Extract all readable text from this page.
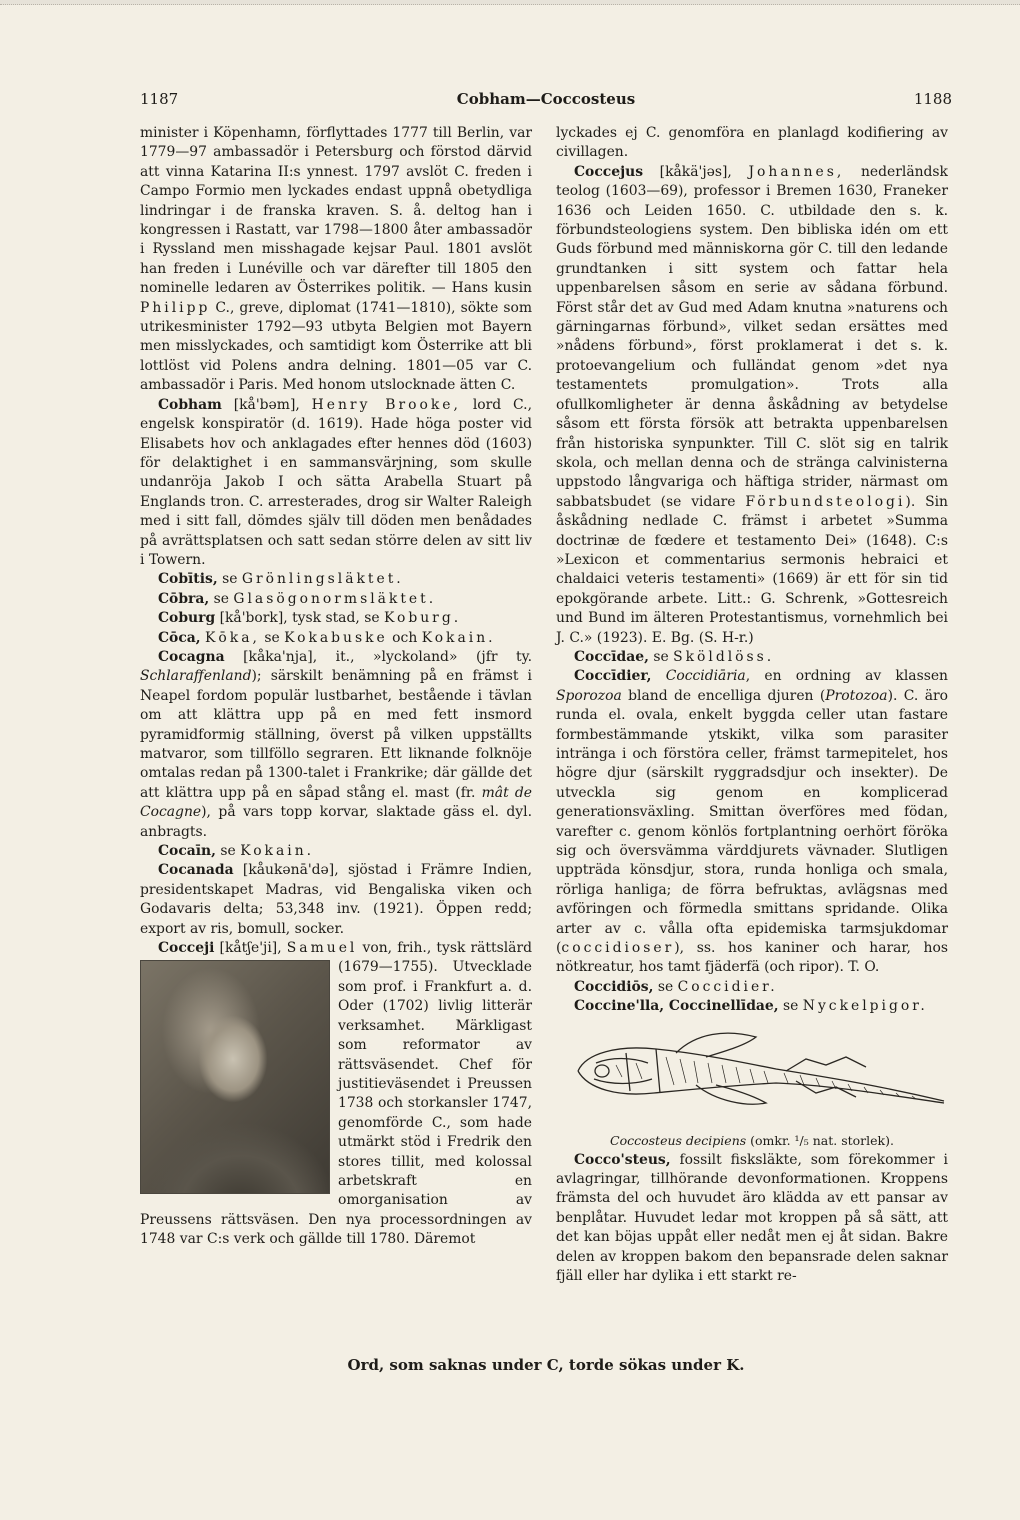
1187	Cobham—Coccosteus	1188

minister i Köpenhamn, förflyttades 1777 till Berlin, var 1779—97 ambassadör i Petersburg och förstod därvid att vinna Katarina II:s ynnest. 1797 avslöt C. freden i Campo Formio men lyckades endast uppnå obetydliga lindringar i de franska kraven. S. å. deltog han i kongressen i Rastatt, var 1798—1800 åter ambassadör i Ryssland men misshagade kejsar Paul. 1801 avslöt han freden i Lunéville och var därefter till 1805 den nominelle ledaren av Österrikes politik. — Hans kusin Philipp C., greve, diplomat (1741—1810), sökte som utrikesminister 1792—93 utbyta Belgien mot Bayern men misslyckades, och samtidigt kom Österrike att bli lottlöst vid Polens andra delning. 1801—05 var C. ambassadör i Paris. Med honom utslocknade ätten C.

Cobham [kå'bəm], Henry Brooke, lord C., engelsk konspiratör (d. 1619). Hade höga poster vid Elisabets hov och anklagades efter hennes död (1603) för delaktighet i en sammansvärjning, som skulle undanröja Jakob I och sätta Arabella Stuart på Englands tron. C. arresterades, drog sir Walter Raleigh med i sitt fall, dömdes själv till döden men benådades på avrättsplatsen och satt sedan större delen av sitt liv i Towern.

Cobītis, se Grönlingsläktet.

Cōbra, se Glasögonormsläktet.

Coburg [kå'bork], tysk stad, se Koburg.

Cōca, Kōka, se Kokabuske och Kokain.

Cocagna [kåka'nja], it., »lyckoland» (jfr ty. Schlaraffenland); särskilt benämning på en främst i Neapel fordom populär lustbarhet, bestående i tävlan om att klättra upp på en med fett insmord pyramidformig ställning, överst på vilken uppställts matvaror, som tillföllo segraren. Ett liknande folknöje omtalas redan på 1300-talet i Frankrike; där gällde det att klättra upp på en såpad stång el. mast (fr. mât de Cocagne), på vars topp korvar, slaktade gäss el. dyl. anbragts.

Cocaīn, se Kokain.

Cocanada [kåukənā'də], sjöstad i Främre Indien, presidentskapet Madras, vid Bengaliska viken och Godavaris delta; 53,348 inv. (1921). Öppen redd; export av ris, bomull, socker.

Cocceji [kåtʃe'ji], Samuel von, frih., tysk rättslärd (1679—1755).
Utvecklade som prof. i Frankfurt a. d. Oder (1702) livlig litterär verksamhet. Märkligast som reformator av rättsväsendet. Chef för justitieväsendet i Preussen 1738 och storkansler 1747, genomförde C., som hade utmärkt stöd i Fredrik den stores tillit, med kolossal arbetskraft en omorganisation av Preussens rättsväsen. Den nya processordningen av 1748 var C:s verk och gällde till 1780. Däremot

lyckades ej C. genomföra en planlagd kodifiering av civillagen.

Coccejus [kåkä'jəs], Johannes, nederländsk teolog (1603—69), professor i Bremen 1630, Franeker 1636 och Leiden 1650. C. utbildade den s. k. förbundsteologiens system. Den bibliska idén om ett Guds förbund med människorna gör C. till den ledande grundtanken i sitt system och fattar hela uppenbarelsen såsom en serie av sådana förbund. Först står det av Gud med Adam knutna »naturens och gärningarnas förbund», vilket sedan ersättes med »nådens förbund», först proklamerat i det s. k. protoevangelium och fulländat genom »det nya testamentets promulgation». Trots alla ofullkomligheter är denna åskådning av betydelse såsom ett första försök att betrakta uppenbarelsen från historiska synpunkter. Till C. slöt sig en talrik skola, och mellan denna och de stränga calvinisterna uppstodo långvariga och häftiga strider, närmast om sabbatsbudet (se vidare Förbundsteologi). Sin åskådning nedlade C. främst i arbetet »Summa doctrinæ de fœdere et testamento Dei» (1648). C:s »Lexicon et commentarius sermonis hebraici et chaldaici veteris testamenti» (1669) är ett för sin tid epokgörande arbete. Litt.: G. Schrenk, »Gottesreich und Bund im älteren Protestantismus, vornehmlich bei J. C.» (1923). E. Bg. (S. H-r.)

Coccīdae, se Sköldlöss.

Coccīdier, Coccidiāria, en ordning av klassen Sporozoa bland de encelliga djuren (Protozoa). C. äro runda el. ovala, enkelt byggda celler utan fastare formbestämmande ytskikt, vilka som parasiter intränga i och förstöra celler, främst tarmepitelet, hos högre djur (särskilt ryggradsdjur och insekter). De utveckla sig genom en komplicerad generationsväxling. Smittan överföres med födan, varefter c. genom könlös fortplantning oerhört föröka sig och översvämma värddjurets vävnader. Slutligen uppträda könsdjur, stora, runda honliga och smala, rörliga hanliga; de förra befruktas, avlägsnas med avföringen och förmedla smittans spridande. Olika arter av c. vålla ofta epidemiska tarmsjukdomar (coccidioser), ss. hos kaniner och harar, hos nötkreatur, hos tamt fjäderfä (och ripor). T. O.

Coccidiōs, se Coccidier.

Coccine'lla, Coccinellīdae, se Nyckelpigor.

Coccosteus decipiens (omkr. ¹/₅ nat. storlek).

Cocco'steus, fossilt fisksläkte, som förekommer i avlagringar, tillhörande devonformationen. Kroppens främsta del och huvudet äro klädda av ett pansar av benplåtar. Huvudet ledar mot kroppen på så sätt, att det kan böjas uppåt eller nedåt men ej åt sidan. Bakre delen av kroppen bakom den bepansrade delen saknar fjäll eller har dylika i ett starkt re-

Ord, som saknas under C, torde sökas under K.
